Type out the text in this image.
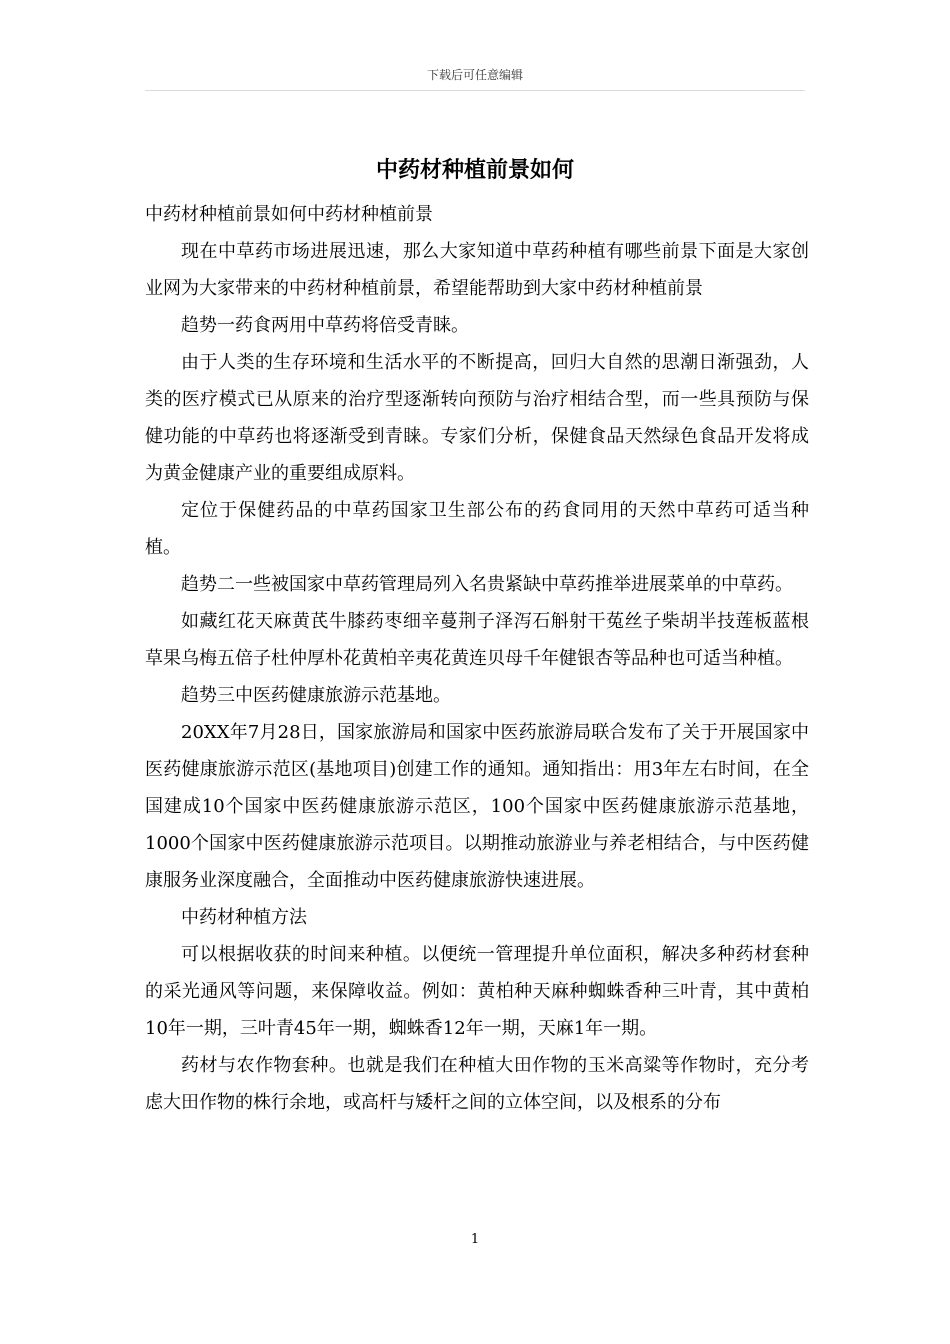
下载后可任意编辑
中药材种植前景如何

中药材种植前景如何中药材种植前景

现在中草药市场进展迅速，那么大家知道中草药种植有哪些前景下面是大家创业网为大家带来的中药材种植前景，希望能帮助到大家中药材种植前景

趋势一药食两用中草药将倍受青睐。

由于人类的生存环境和生活水平的不断提高，回归大自然的思潮日渐强劲，人类的医疗模式已从原来的治疗型逐渐转向预防与治疗相结合型，而一些具预防与保健功能的中草药也将逐渐受到青睐。专家们分析，保健食品天然绿色食品开发将成为黄金健康产业的重要组成原料。

定位于保健药品的中草药国家卫生部公布的药食同用的天然中草药可适当种植。

趋势二一些被国家中草药管理局列入名贵紧缺中草药推举进展菜单的中草药。

如藏红花天麻黄芪牛膝药枣细辛蔓荆子泽泻石斛射干菟丝子柴胡半技莲板蓝根草果乌梅五倍子杜仲厚朴花黄柏辛夷花黄连贝母千年健银杏等品种也可适当种植。

趋势三中医药健康旅游示范基地。

20XX年7月28日，国家旅游局和国家中医药旅游局联合发布了关于开展国家中医药健康旅游示范区(基地项目)创建工作的通知。通知指出：用3年左右时间，在全国建成10个国家中医药健康旅游示范区，100个国家中医药健康旅游示范基地，1000个国家中医药健康旅游示范项目。以期推动旅游业与养老相结合，与中医药健康服务业深度融合，全面推动中医药健康旅游快速进展。

中药材种植方法

可以根据收获的时间来种植。以便统一管理提升单位面积，解决多种药材套种的采光通风等问题，来保障收益。例如：黄柏种天麻种蜘蛛香种三叶青，其中黄柏10年一期，三叶青45年一期，蜘蛛香12年一期，天麻1年一期。

药材与农作物套种。也就是我们在种植大田作物的玉米高粱等作物时，充分考虑大田作物的株行余地，或高杆与矮杆之间的立体空间，以及根系的分布

1
